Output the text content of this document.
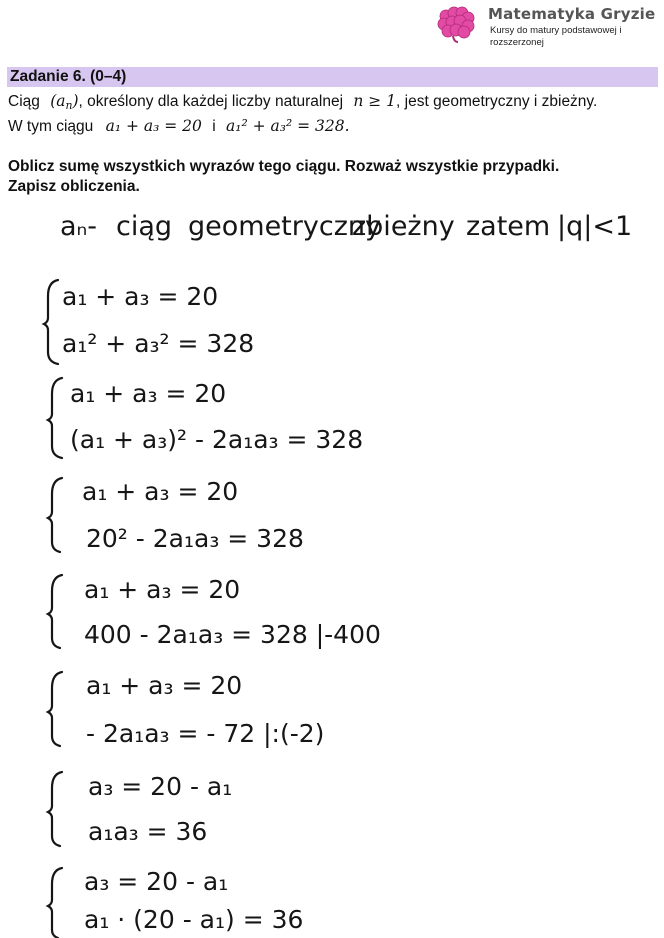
Matematyka Gryzie
Kursy do matury podstawowej i rozszerzonej
Zadanie 6. (0–4)
Ciąg $(a_n)$, określony dla każdej liczby naturalnej n ≥ 1, jest geometryczny i zbieżny.
W tym ciągu a₁ + a₃ = 20 i a₁² + a₃² = 328.
Oblicz sumę wszystkich wyrazów tego ciągu. Rozważ wszystkie przypadki.
Zapisz obliczenia.
aₙ- ciąg geometryczny
zbieżny zatem |q|<1
a₁ + a₃ = 20
a₁² + a₃² = 328
a₁ + a₃ = 20
(a₁ + a₃)² - 2a₁a₃ = 328
a₁ + a₃ = 20
20² - 2a₁a₃ = 328
a₁ + a₃ = 20
400 - 2a₁a₃ = 328 |-400
a₁ + a₃ = 20
- 2a₁a₃ = - 72 |:(-2)
a₃ = 20 - a₁
a₁a₃ = 36
a₃ = 20 - a₁
a₁ · (20 - a₁) = 36
